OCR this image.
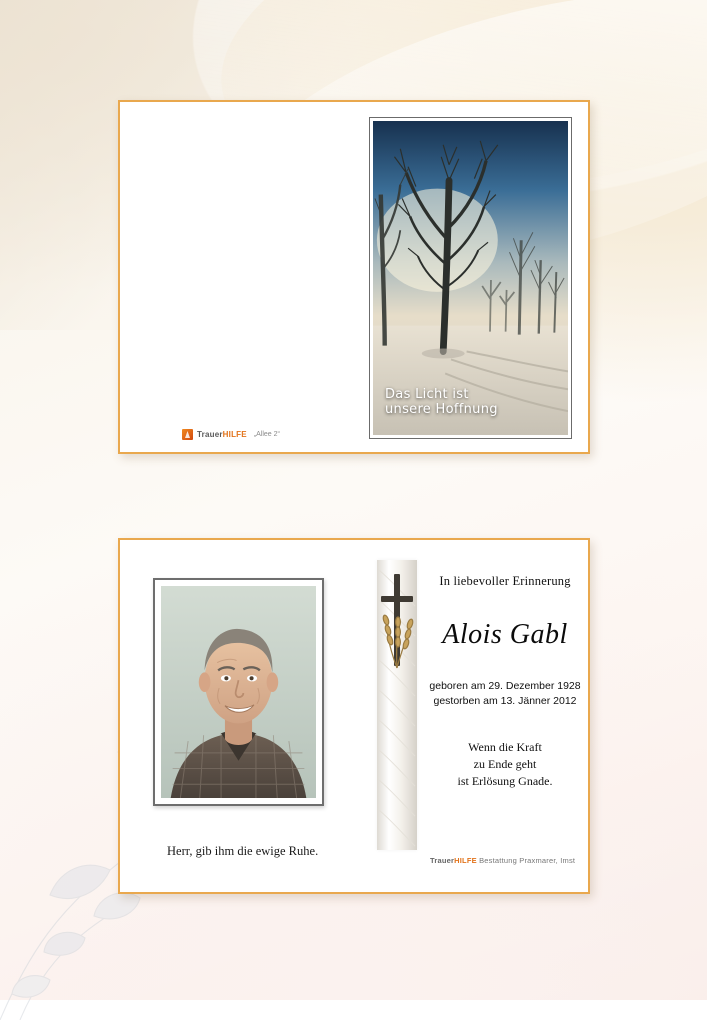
Das Licht ist
unsere Hoffnung
TrauerHILFE „Allee 2“
Herr, gib ihm die ewige Ruhe.
In liebevoller Erinnerung
Alois Gabl
geboren am 29. Dezember 1928
gestorben am 13. Jänner 2012
Wenn die Kraft
zu Ende geht
ist Erlösung Gnade.
TrauerHILFE Bestattung Praxmarer, Imst
